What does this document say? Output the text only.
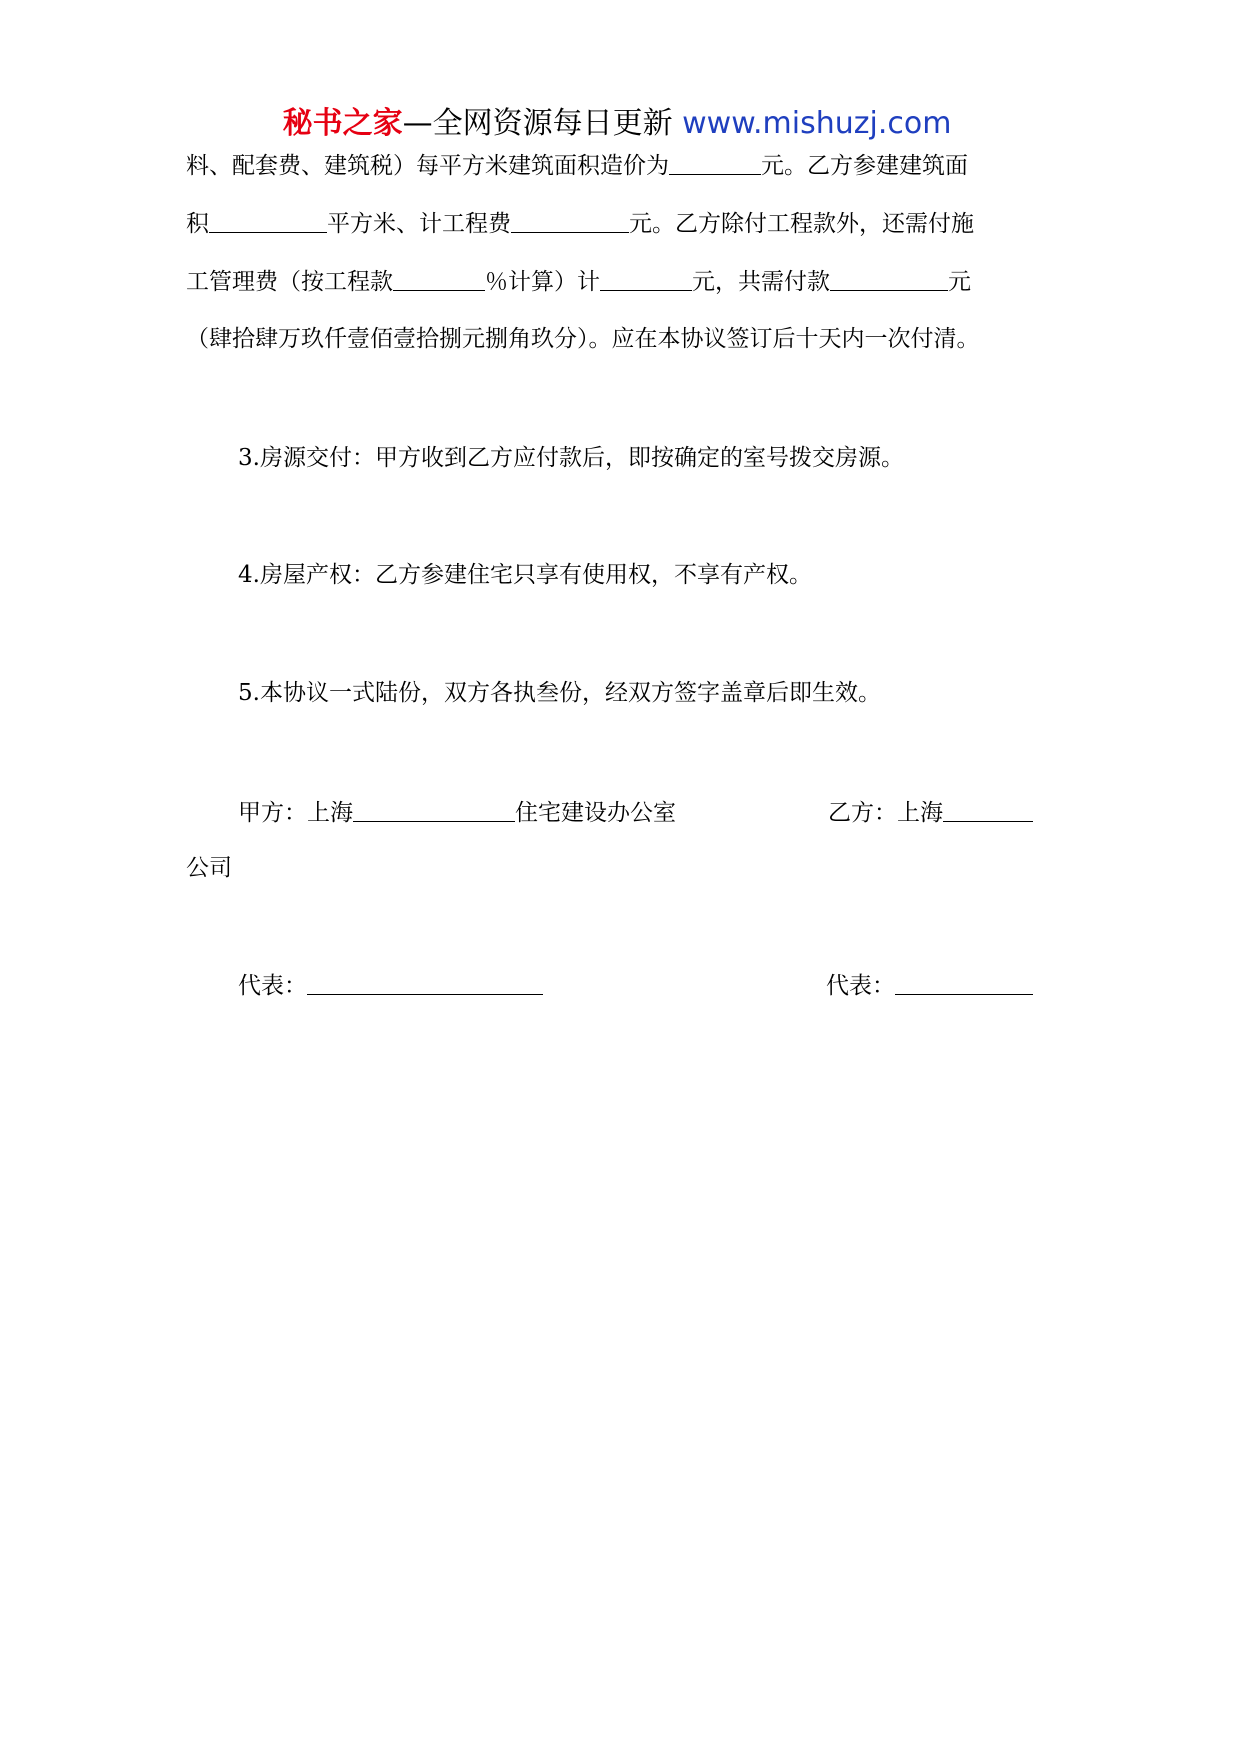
秘书之家—全网资源每日更新 www.mishuzj.com
料、配套费、建筑税）每平方米建筑面积造价为	元。乙方参建建筑面
积	平方米、计工程费	元。乙方除付工程款外，还需付施
工管理费（按工程款	％计算）计	元，共需付款	元
（肆拾肆万玖仟壹佰壹拾捌元捌角玖分）。应在本协议签订后十天内一次付清。
3.房源交付：甲方收到乙方应付款后，即按确定的室号拨交房源。
4.房屋产权：乙方参建住宅只享有使用权，不享有产权。
5.本协议一式陆份，双方各执叁份，经双方签字盖章后即生效。
甲方：上海	住宅建设办公室	乙方：上海
公司
代表：	代表：
